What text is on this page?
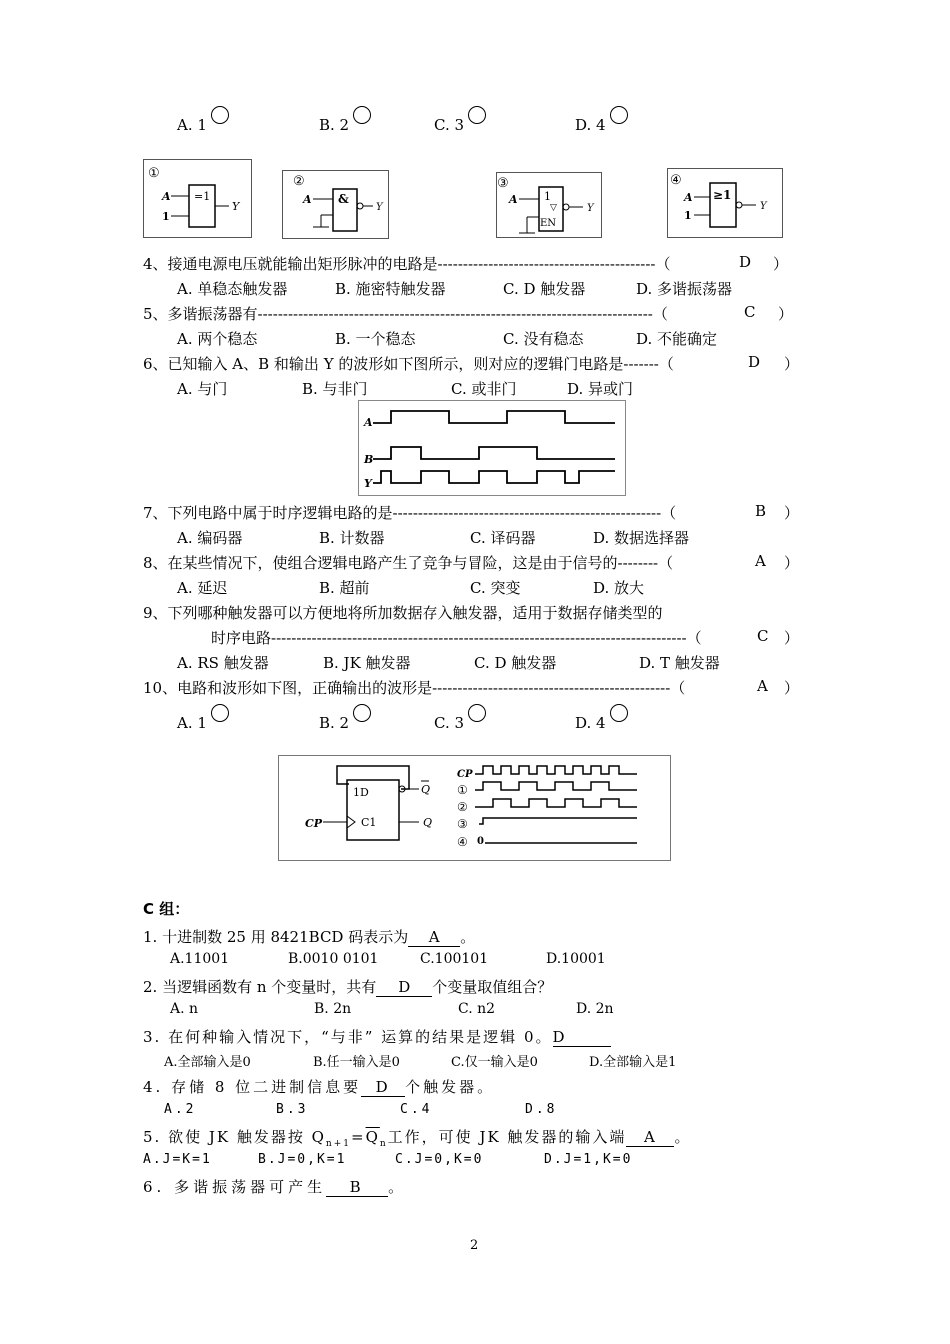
A. 1	B. 2	C. 3	D. 4
①
A
1
=1
Y
②
A &
Y
③
A 1
▽
EN
Y
④
A
1
≥1
Y
4、接通电源电压就能输出矩形脉冲的电路是-------------------------------------------（	D ）
A. 单稳态触发器	B. 施密特触发器	C. D 触发器	D. 多谐振荡器
5、多谐振荡器有------------------------------------------------------------------------------（	C ）
A. 两个稳态	B. 一个稳态	C. 没有稳态	D. 不能确定
6、已知输入 A、B 和输出 Y 的波形如下图所示，则对应的逻辑门电路是-------（	D ）
A. 与门	B. 与非门	C. 或非门	D. 异或门
A
B
Y
7、下列电路中属于时序逻辑电路的是-----------------------------------------------------（	B ）
A. 编码器	B. 计数器	C. 译码器	D. 数据选择器
8、在某些情况下，使组合逻辑电路产生了竞争与冒险，这是由于信号的--------（	A ）
A. 延迟	B. 超前	C. 突变	D. 放大
9、下列哪种触发器可以方便地将所加数据存入触发器，适用于数据存储类型的
时序电路----------------------------------------------------------------------------------（	C ）
A. RS 触发器	B. JK 触发器	C. D 触发器	D. T 触发器
10、电路和波形如下图，正确输出的波形是-----------------------------------------------（	A ）
A. 1	B. 2	C. 3	D. 4
1D
C1
Q
Q
CP
CP
①
②
③
④ 0
C 组：
1. 十进制数 25 用 8421BCD 码表示为 A 。
A.11001	B.0010 0101	C.100101	D.10001
2. 当逻辑函数有 n 个变量时，共有 D 个变量取值组合？
A. n	B. 2n	C. n2	D. 2n
3. 在何种输入情况下，“与非” 运算的结果是逻辑 0。D
A.全部输入是0	B.任一输入是0	C.仅一输入是0	D.全部输入是1
4. 存储 8 位二进制信息要 D 个触发器。
A.2	B.3	C.4	D.8
5. 欲使 JK 触发器按 $Q_{n+1}=\overline{Q}_n$工作，可使 JK 触发器的输入端 A 。
A.J=K=1	B.J=0,K=1	C.J=0,K=0	D.J=1,K=0
6. 多谐振荡器可产生 B 。
2
